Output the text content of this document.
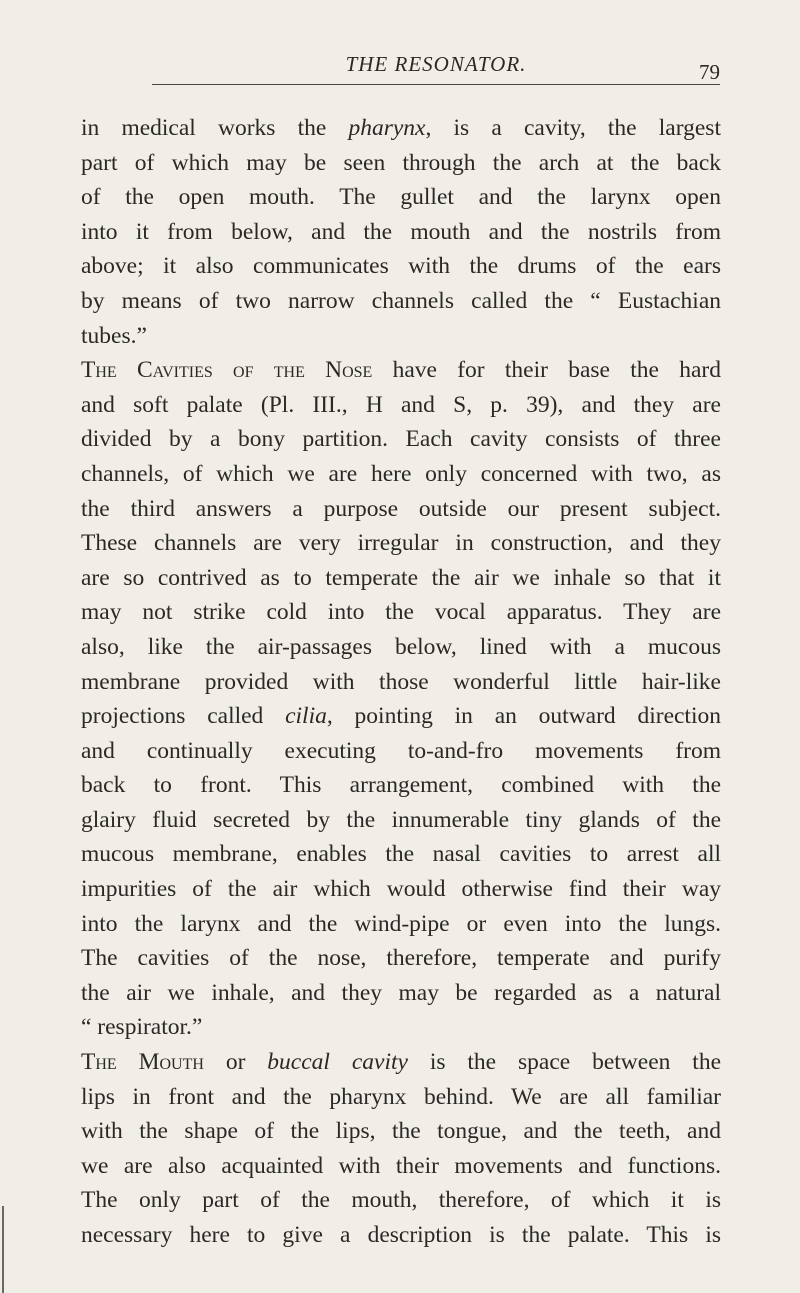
THE RESONATOR.	79
in medical works the pharynx, is a cavity, the largest
part of which may be seen through the arch at the back
of the open mouth. The gullet and the larynx open
into it from below, and the mouth and the nostrils from
above; it also communicates with the drums of the ears
by means of two narrow channels called the “ Eustachian
tubes.”
The Cavities of the Nose have for their base the hard
and soft palate (Pl. III., H and S, p. 39), and they are
divided by a bony partition. Each cavity consists of three
channels, of which we are here only concerned with two, as
the third answers a purpose outside our present subject.
These channels are very irregular in construction, and they
are so contrived as to temperate the air we inhale so that it
may not strike cold into the vocal apparatus. They are
also, like the air-passages below, lined with a mucous
membrane provided with those wonderful little hair-like
projections called cilia, pointing in an outward direction
and continually executing to-and-fro movements from
back to front. This arrangement, combined with the
glairy fluid secreted by the innumerable tiny glands of the
mucous membrane, enables the nasal cavities to arrest all
impurities of the air which would otherwise find their way
into the larynx and the wind-pipe or even into the lungs.
The cavities of the nose, therefore, temperate and purify
the air we inhale, and they may be regarded as a natural
“ respirator.”
The Mouth or buccal cavity is the space between the
lips in front and the pharynx behind. We are all familiar
with the shape of the lips, the tongue, and the teeth, and
we are also acquainted with their movements and functions.
The only part of the mouth, therefore, of which it is
necessary here to give a description is the palate. This is
